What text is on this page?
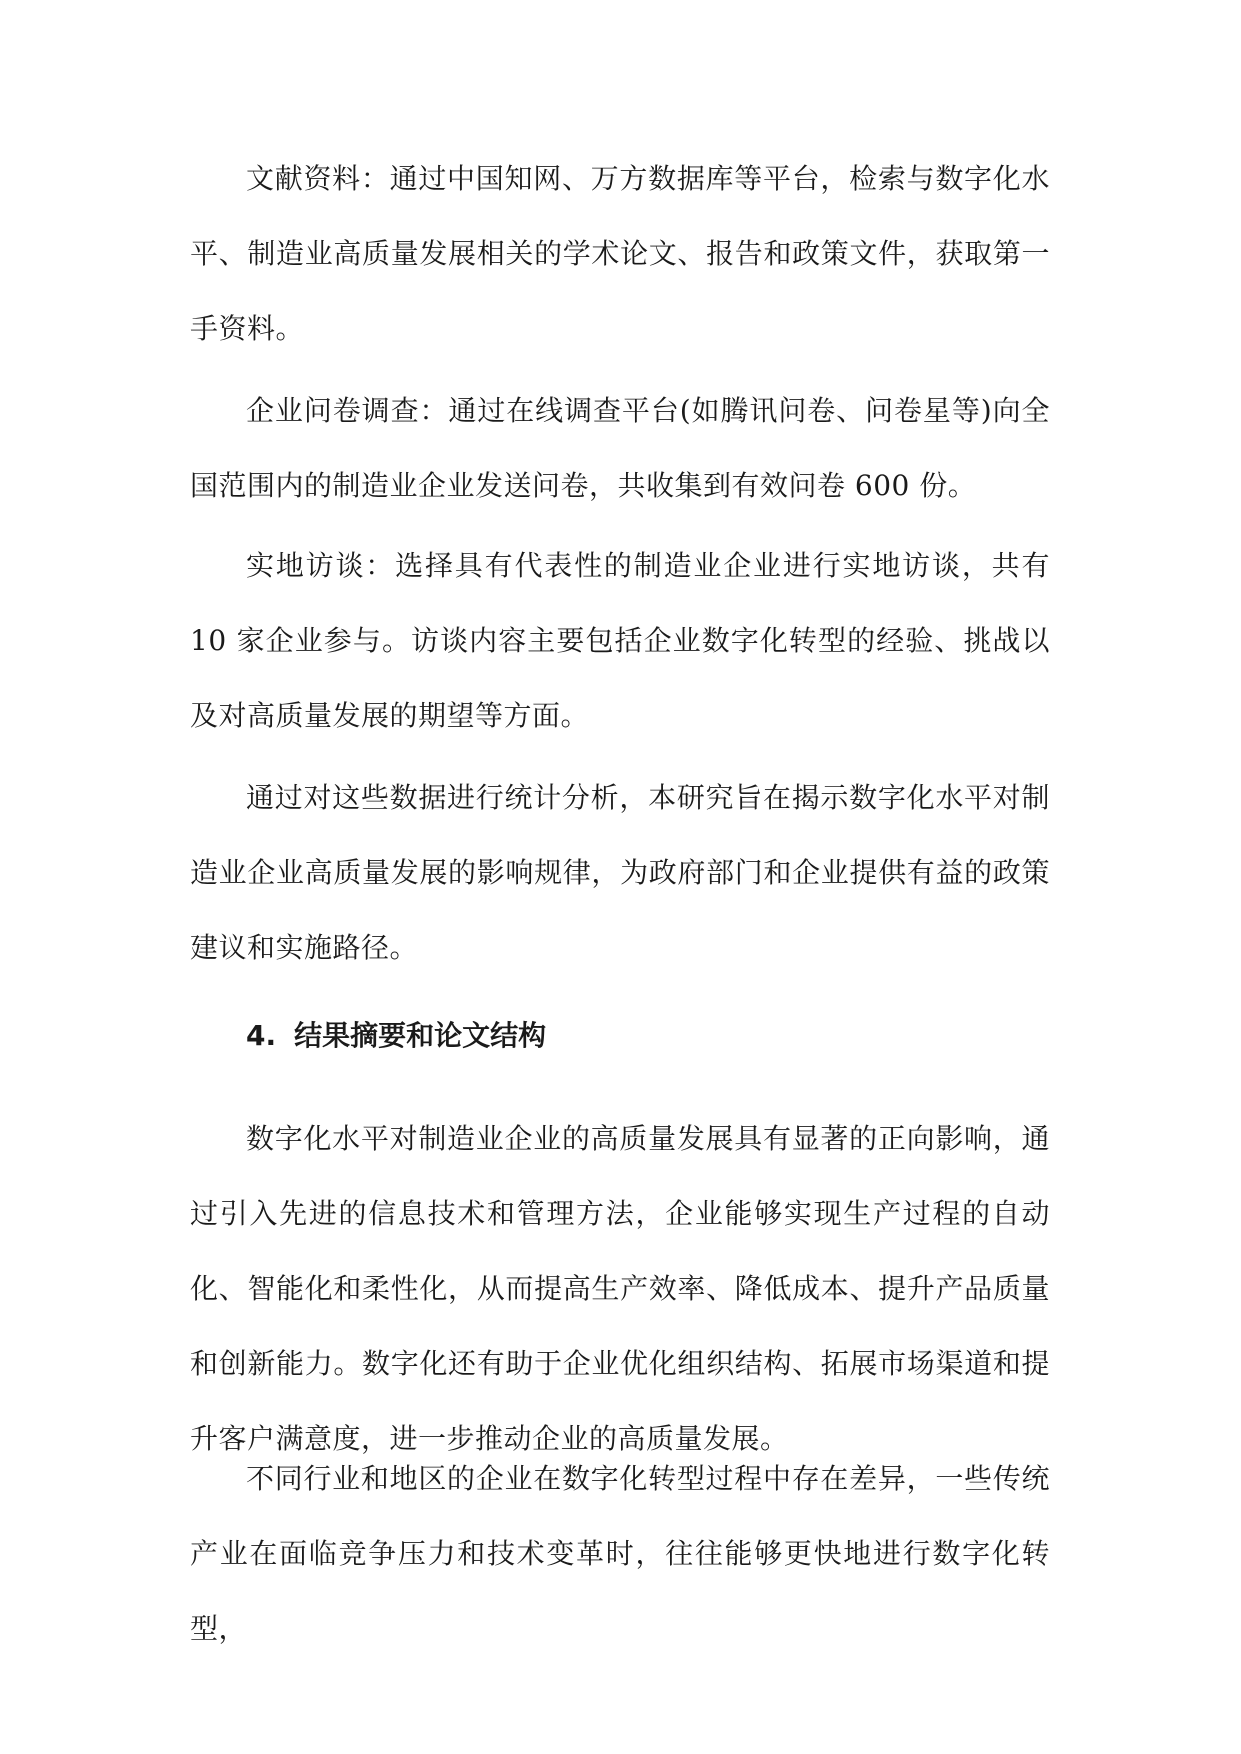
文献资料：通过中国知网、万方数据库等平台，检索与数字化水平、制造业高质量发展相关的学术论文、报告和政策文件，获取第一手资料。

企业问卷调查：通过在线调查平台(如腾讯问卷、问卷星等)向全国范围内的制造业企业发送问卷，共收集到有效问卷 600 份。

实地访谈：选择具有代表性的制造业企业进行实地访谈，共有 10 家企业参与。访谈内容主要包括企业数字化转型的经验、挑战以及对高质量发展的期望等方面。

通过对这些数据进行统计分析，本研究旨在揭示数字化水平对制造业企业高质量发展的影响规律，为政府部门和企业提供有益的政策建议和实施路径。

4. 结果摘要和论文结构

数字化水平对制造业企业的高质量发展具有显著的正向影响，通过引入先进的信息技术和管理方法，企业能够实现生产过程的自动化、智能化和柔性化，从而提高生产效率、降低成本、提升产品质量和创新能力。数字化还有助于企业优化组织结构、拓展市场渠道和提升客户满意度，进一步推动企业的高质量发展。

不同行业和地区的企业在数字化转型过程中存在差异，一些传统产业在面临竞争压力和技术变革时，往往能够更快地进行数字化转型，
